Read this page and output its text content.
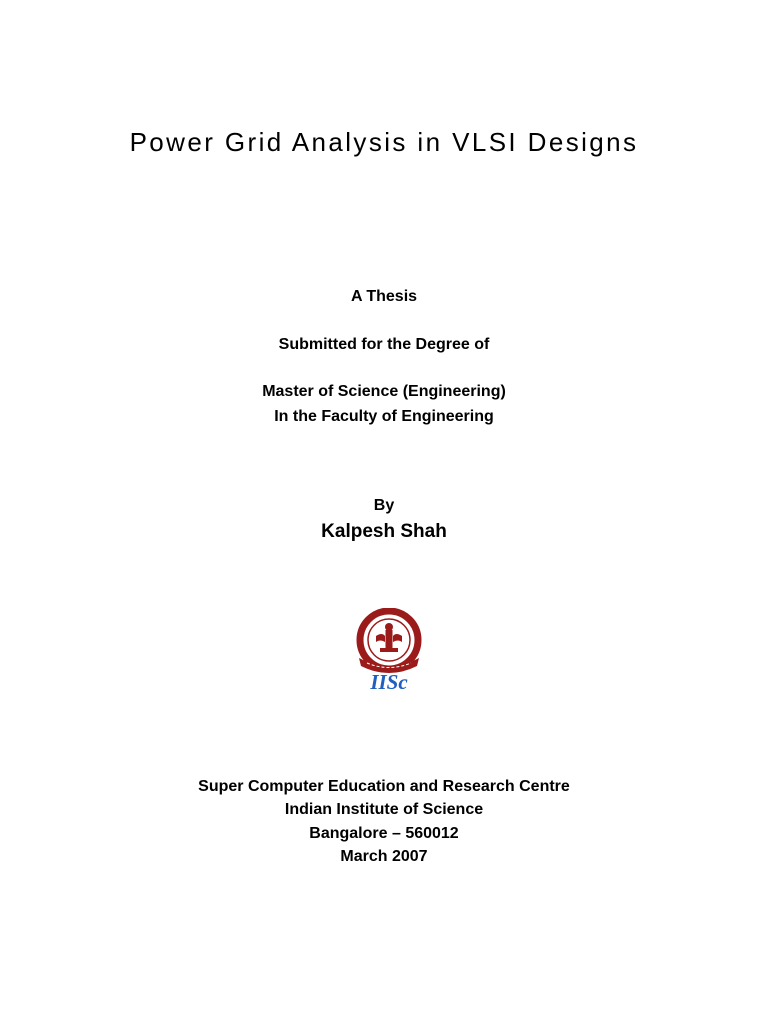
Power Grid Analysis in VLSI Designs
A Thesis
Submitted for the Degree of
Master of Science (Engineering)
In the Faculty of Engineering
By
Kalpesh Shah
IISc
Super Computer Education and Research Centre
Indian Institute of Science
Bangalore – 560012
March 2007
